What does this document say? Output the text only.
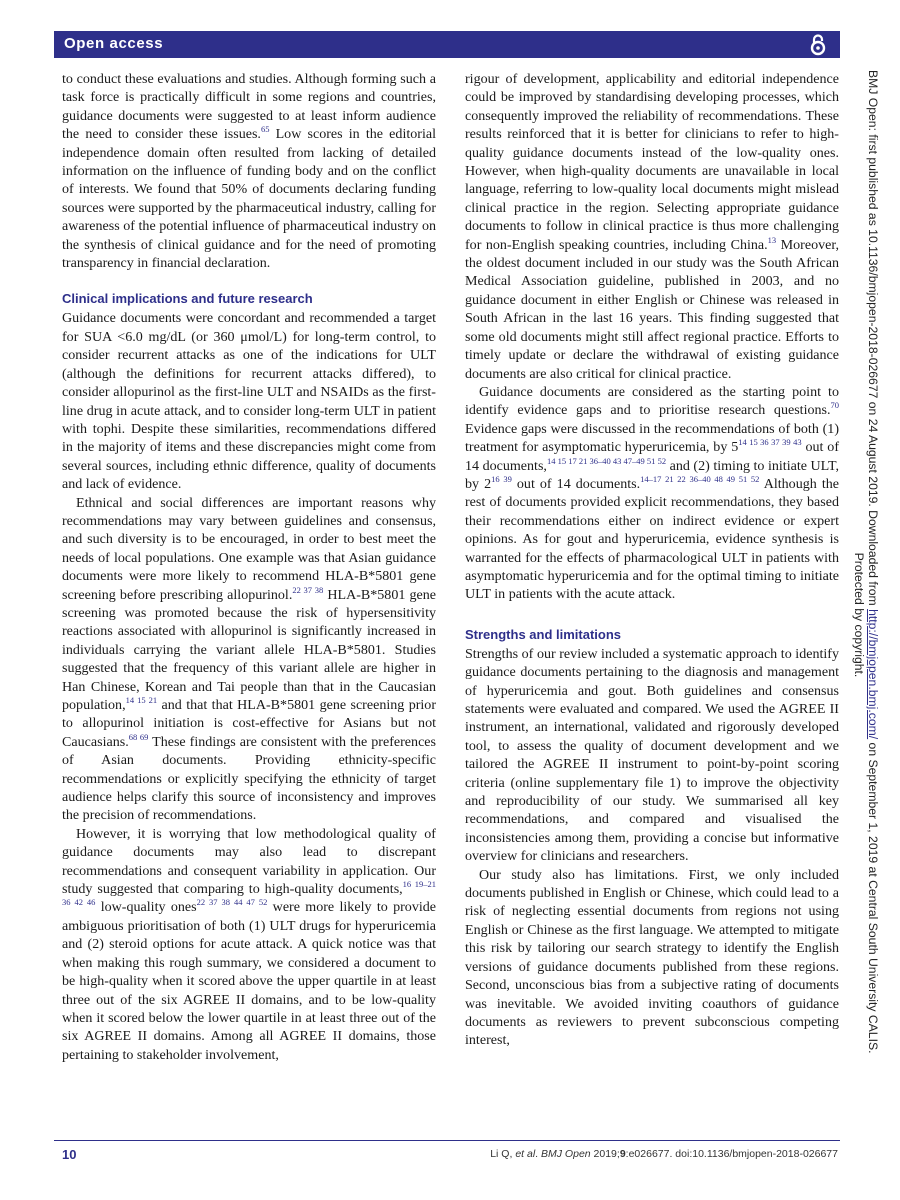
Open access

to conduct these evaluations and studies. Although forming such a task force is practically difficult in some regions and countries, guidance documents were suggested to at least inform audience the need to consider these issues.$^{65}$ Low scores in the editorial independence domain often resulted from lacking of detailed information on the influence of funding body and on the conflict of interests. We found that 50% of documents declaring funding sources were supported by the pharmaceutical industry, calling for awareness of the potential influence of pharmaceutical industry on the synthesis of clinical guidance and for the need of promoting transparency in financial declaration.

Clinical implications and future research

Guidance documents were concordant and recommended a target for SUA <6.0 mg/dL (or 360 μmol/L) for long-term control, to consider recurrent attacks as one of the indications for ULT (although the definitions for recurrent attacks differed), to consider allopurinol as the first-line ULT and NSAIDs as the first-line drug in acute attack, and to consider long-term ULT in patient with tophi. Despite these similarities, recommendations differed in the majority of items and these discrepancies might come from several sources, including ethnic difference, quality of documents and lack of evidence.

Ethnical and social differences are important reasons why recommendations may vary between guidelines and consensus, and such diversity is to be encouraged, in order to best meet the needs of local populations. One example was that Asian guidance documents were more likely to recommend HLA-B*5801 gene screening before prescribing allopurinol.$^{22 37 38}$ HLA-B*5801 gene screening was promoted because the risk of hypersensitivity reactions associated with allopurinol is significantly increased in individuals carrying the variant allele HLA-B*5801. Studies suggested that the frequency of this variant allele are higher in Han Chinese, Korean and Tai people than that in the Caucasian population,$^{14 15 21}$ and that that HLA-B*5801 gene screening prior to allopurinol initiation is cost-effective for Asians but not Caucasians.$^{68 69}$ These findings are consistent with the preferences of Asian documents. Providing ethnicity-specific recommendations or explicitly specifying the ethnicity of target audience helps clarify this source of inconsistency and improves the precision of recommendations.

However, it is worrying that low methodological quality of guidance documents may also lead to discrepant recommendations and consequent variability in application. Our study suggested that comparing to high-quality documents,$^{16 19-21 36 42 46}$ low-quality ones$^{22 37 38 44 47 52}$ were more likely to provide ambiguous prioritisation of both (1) ULT drugs for hyperuricemia and (2) steroid options for acute attack. A quick notice was that when making this rough summary, we considered a document to be high-quality when it scored above the upper quartile in at least three out of the six AGREE II domains, and to be low-quality when it scored below the lower quartile in at least three out of the six AGREE II domains. Among all AGREE II domains, those pertaining to stakeholder involvement,

rigour of development, applicability and editorial independence could be improved by standardising developing processes, which consequently improved the reliability of recommendations. These results reinforced that it is better for clinicians to refer to high-quality guidance documents instead of the low-quality ones. However, when high-quality documents are unavailable in local language, referring to low-quality local documents might mislead clinical practice in the region. Selecting appropriate guidance documents to follow in clinical practice is thus more challenging for non-English speaking countries, including China.$^{13}$ Moreover, the oldest document included in our study was the South African Medical Association guideline, published in 2003, and no guidance document in either English or Chinese was released in South African in the last 16 years. This finding suggested that some old documents might still affect regional practice. Efforts to timely update or declare the withdrawal of existing guidance documents are also critical for clinical practice.

Guidance documents are considered as the starting point to identify evidence gaps and to prioritise research questions.$^{70}$ Evidence gaps were discussed in the recommendations of both (1) treatment for asymptomatic hyperuricemia, by $5^{14 15 36 37 39 43}$ out of 14 documents,$^{14 15 17 21 36-40 43 47-49 51 52}$ and (2) timing to initiate ULT, by $2^{16 39}$ out of 14 documents.$^{14-17 21 22 36-40 48 49 51 52}$ Although the rest of documents provided explicit recommendations, they based their recommendations either on indirect evidence or expert opinions. As for gout and hyperuricemia, evidence synthesis is warranted for the effects of pharmacological ULT in patients with asymptomatic hyperuricemia and for the optimal timing to initiate ULT in patients with the acute attack.

Strengths and limitations

Strengths of our review included a systematic approach to identify guidance documents pertaining to the diagnosis and management of hyperuricemia and gout. Both guidelines and consensus statements were evaluated and compared. We used the AGREE II instrument, an international, validated and rigorously developed tool, to assess the quality of document development and we tailored the AGREE II instrument to point-by-point scoring criteria (online supplementary file 1) to improve the objectivity and reproducibility of our study. We summarised all key recommendations, and compared and visualised the inconsistencies among them, providing a concise but informative overview for clinicians and researchers.

Our study also has limitations. First, we only included documents published in English or Chinese, which could lead to a risk of neglecting essential documents from regions not using English or Chinese as the first language. We attempted to mitigate this risk by tailoring our search strategy to identify the English versions of guidance documents published from these regions. Second, unconscious bias from a subjective rating of documents was inevitable. We avoided inviting coauthors of guidance documents as reviewers to prevent subconscious competing interest,

10	Li Q, et al. BMJ Open 2019;9:e026677. doi:10.1136/bmjopen-2018-026677
BMJ Open: first published as 10.1136/bmjopen-2018-026677 on 24 August 2019. Downloaded from http://bmjopen.bmj.com/ on September 1, 2019 at Central South University CALIS.
Protected by copyright.
